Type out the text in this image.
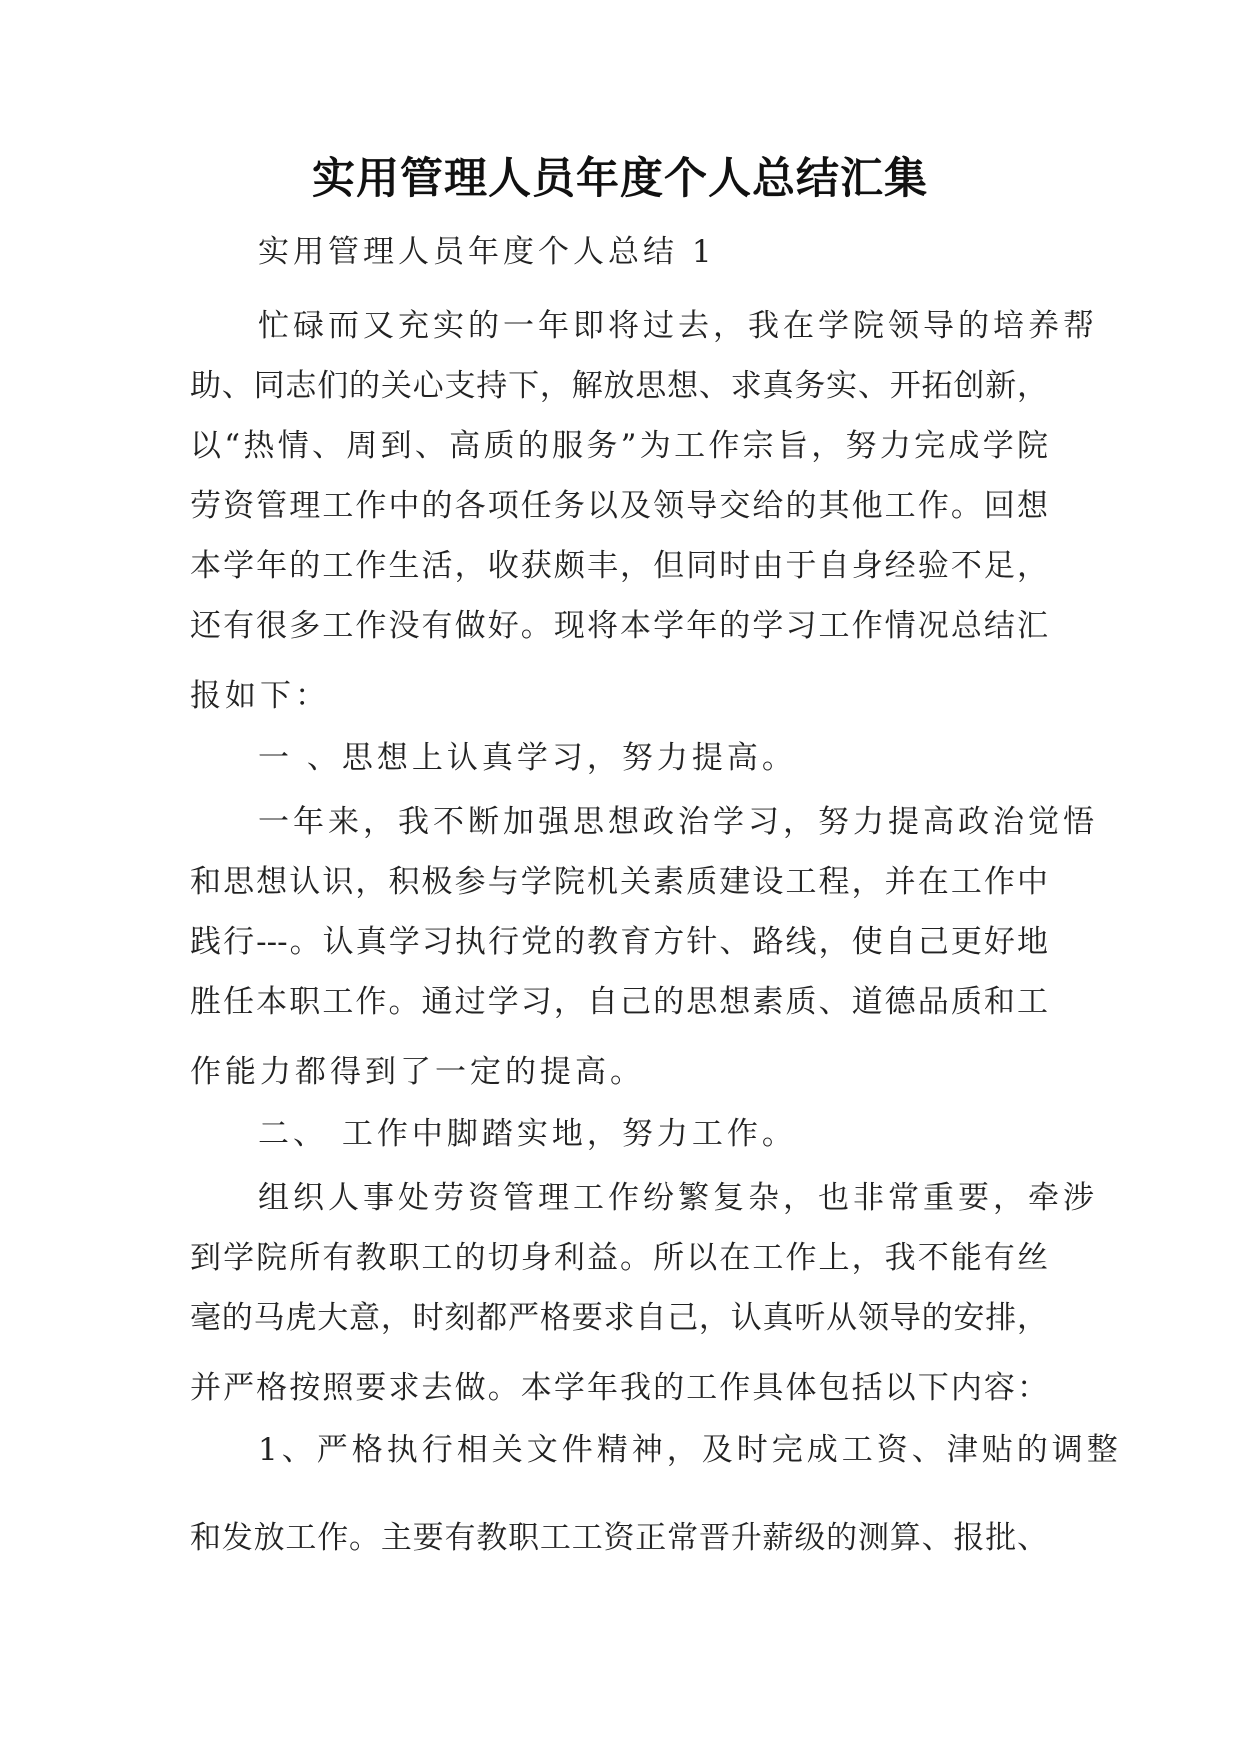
实用管理人员年度个人总结汇集
实用管理人员年度个人总结 1
忙碌而又充实的一年即将过去，我在学院领导的培养帮
助、同志们的关心支持下，解放思想、求真务实、开拓创新，
以“热情、周到、高质的服务”为工作宗旨，努力完成学院
劳资管理工作中的各项任务以及领导交给的其他工作。回想
本学年的工作生活，收获颇丰，但同时由于自身经验不足，
还有很多工作没有做好。现将本学年的学习工作情况总结汇
报如下：
一 、思想上认真学习，努力提高。
一年来，我不断加强思想政治学习，努力提高政治觉悟
和思想认识，积极参与学院机关素质建设工程，并在工作中
践行---。认真学习执行党的教育方针、路线，使自己更好地
胜任本职工作。通过学习，自己的思想素质、道德品质和工
作能力都得到了一定的提高。
二、 工作中脚踏实地，努力工作。
组织人事处劳资管理工作纷繁复杂，也非常重要，牵涉
到学院所有教职工的切身利益。所以在工作上，我不能有丝
毫的马虎大意，时刻都严格要求自己，认真听从领导的安排，
并严格按照要求去做。本学年我的工作具体包括以下内容：
1、严格执行相关文件精神，及时完成工资、津贴的调整
和发放工作。主要有教职工工资正常晋升薪级的测算、报批、
